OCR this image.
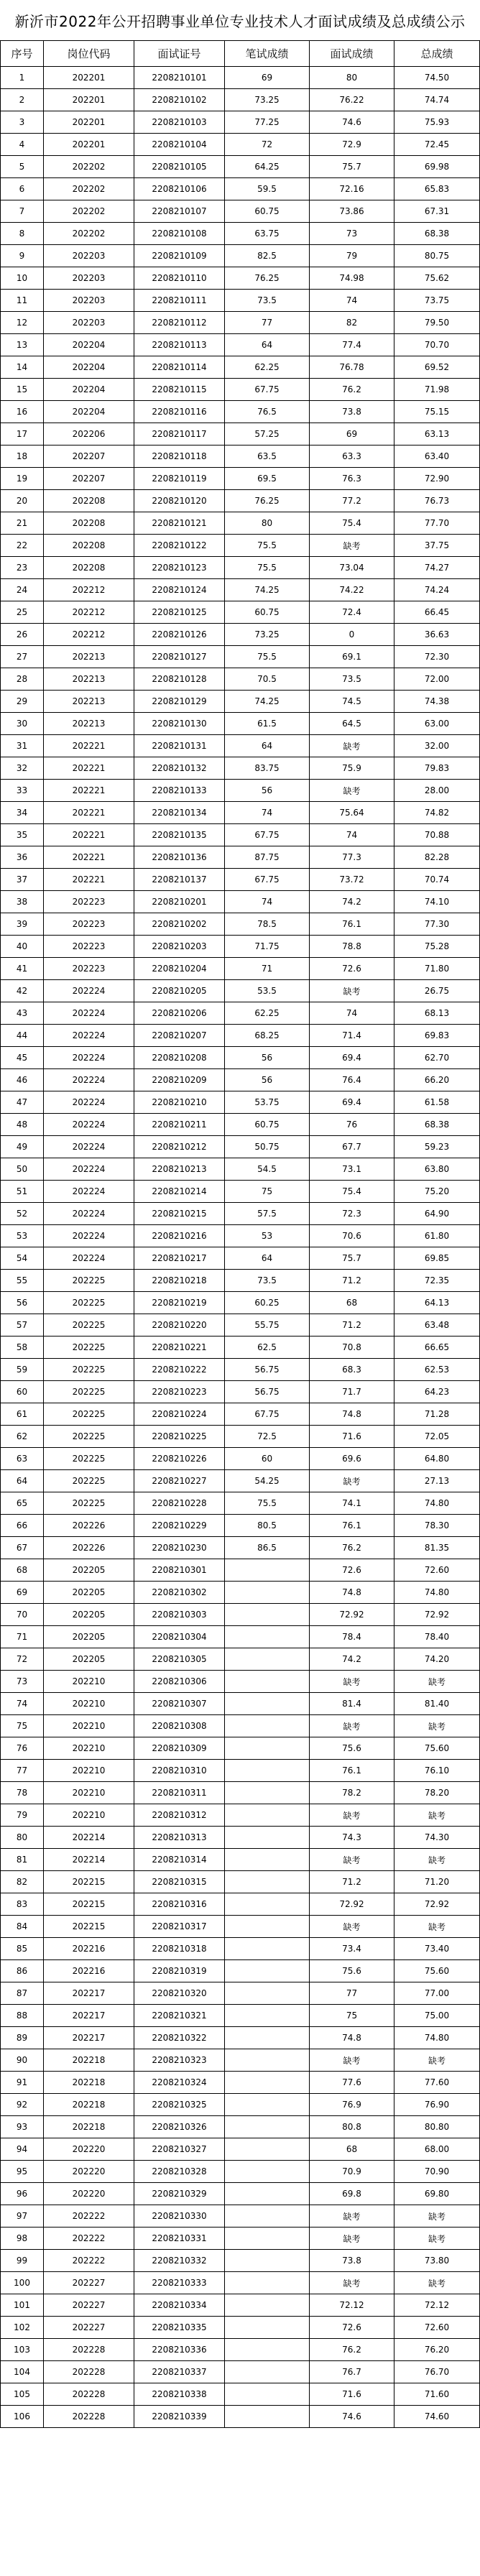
新沂市2022年公开招聘事业单位专业技术人才面试成绩及总成绩公示
序号	岗位代码	面试证号	笔试成绩	面试成绩	总成绩
1	202201	2208210101	69	80	74.50
2	202201	2208210102	73.25	76.22	74.74
3	202201	2208210103	77.25	74.6	75.93
4	202201	2208210104	72	72.9	72.45
5	202202	2208210105	64.25	75.7	69.98
6	202202	2208210106	59.5	72.16	65.83
7	202202	2208210107	60.75	73.86	67.31
8	202202	2208210108	63.75	73	68.38
9	202203	2208210109	82.5	79	80.75
10	202203	2208210110	76.25	74.98	75.62
11	202203	2208210111	73.5	74	73.75
12	202203	2208210112	77	82	79.50
13	202204	2208210113	64	77.4	70.70
14	202204	2208210114	62.25	76.78	69.52
15	202204	2208210115	67.75	76.2	71.98
16	202204	2208210116	76.5	73.8	75.15
17	202206	2208210117	57.25	69	63.13
18	202207	2208210118	63.5	63.3	63.40
19	202207	2208210119	69.5	76.3	72.90
20	202208	2208210120	76.25	77.2	76.73
21	202208	2208210121	80	75.4	77.70
22	202208	2208210122	75.5	缺考	37.75
23	202208	2208210123	75.5	73.04	74.27
24	202212	2208210124	74.25	74.22	74.24
25	202212	2208210125	60.75	72.4	66.45
26	202212	2208210126	73.25	0	36.63
27	202213	2208210127	75.5	69.1	72.30
28	202213	2208210128	70.5	73.5	72.00
29	202213	2208210129	74.25	74.5	74.38
30	202213	2208210130	61.5	64.5	63.00
31	202221	2208210131	64	缺考	32.00
32	202221	2208210132	83.75	75.9	79.83
33	202221	2208210133	56	缺考	28.00
34	202221	2208210134	74	75.64	74.82
35	202221	2208210135	67.75	74	70.88
36	202221	2208210136	87.75	77.3	82.28
37	202221	2208210137	67.75	73.72	70.74
38	202223	2208210201	74	74.2	74.10
39	202223	2208210202	78.5	76.1	77.30
40	202223	2208210203	71.75	78.8	75.28
41	202223	2208210204	71	72.6	71.80
42	202224	2208210205	53.5	缺考	26.75
43	202224	2208210206	62.25	74	68.13
44	202224	2208210207	68.25	71.4	69.83
45	202224	2208210208	56	69.4	62.70
46	202224	2208210209	56	76.4	66.20
47	202224	2208210210	53.75	69.4	61.58
48	202224	2208210211	60.75	76	68.38
49	202224	2208210212	50.75	67.7	59.23
50	202224	2208210213	54.5	73.1	63.80
51	202224	2208210214	75	75.4	75.20
52	202224	2208210215	57.5	72.3	64.90
53	202224	2208210216	53	70.6	61.80
54	202224	2208210217	64	75.7	69.85
55	202225	2208210218	73.5	71.2	72.35
56	202225	2208210219	60.25	68	64.13
57	202225	2208210220	55.75	71.2	63.48
58	202225	2208210221	62.5	70.8	66.65
59	202225	2208210222	56.75	68.3	62.53
60	202225	2208210223	56.75	71.7	64.23
61	202225	2208210224	67.75	74.8	71.28
62	202225	2208210225	72.5	71.6	72.05
63	202225	2208210226	60	69.6	64.80
64	202225	2208210227	54.25	缺考	27.13
65	202225	2208210228	75.5	74.1	74.80
66	202226	2208210229	80.5	76.1	78.30
67	202226	2208210230	86.5	76.2	81.35
68	202205	2208210301		72.6	72.60
69	202205	2208210302		74.8	74.80
70	202205	2208210303		72.92	72.92
71	202205	2208210304		78.4	78.40
72	202205	2208210305		74.2	74.20
73	202210	2208210306		缺考	缺考
74	202210	2208210307		81.4	81.40
75	202210	2208210308		缺考	缺考
76	202210	2208210309		75.6	75.60
77	202210	2208210310		76.1	76.10
78	202210	2208210311		78.2	78.20
79	202210	2208210312		缺考	缺考
80	202214	2208210313		74.3	74.30
81	202214	2208210314		缺考	缺考
82	202215	2208210315		71.2	71.20
83	202215	2208210316		72.92	72.92
84	202215	2208210317		缺考	缺考
85	202216	2208210318		73.4	73.40
86	202216	2208210319		75.6	75.60
87	202217	2208210320		77	77.00
88	202217	2208210321		75	75.00
89	202217	2208210322		74.8	74.80
90	202218	2208210323		缺考	缺考
91	202218	2208210324		77.6	77.60
92	202218	2208210325		76.9	76.90
93	202218	2208210326		80.8	80.80
94	202220	2208210327		68	68.00
95	202220	2208210328		70.9	70.90
96	202220	2208210329		69.8	69.80
97	202222	2208210330		缺考	缺考
98	202222	2208210331		缺考	缺考
99	202222	2208210332		73.8	73.80
100	202227	2208210333		缺考	缺考
101	202227	2208210334		72.12	72.12
102	202227	2208210335		72.6	72.60
103	202228	2208210336		76.2	76.20
104	202228	2208210337		76.7	76.70
105	202228	2208210338		71.6	71.60
106	202228	2208210339		74.6	74.60
